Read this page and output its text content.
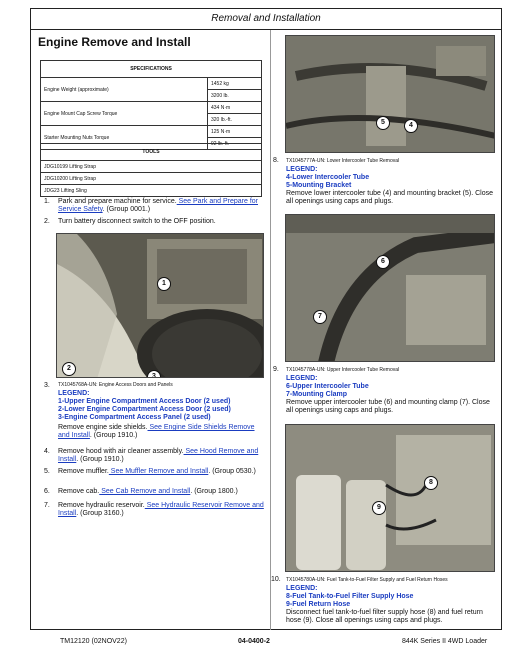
Removal and Installation
Engine Remove and Install
SPECIFICATIONS	
Engine Weight (approximate)	1452 kg
	3200 lb.
Engine Mount Cap Screw Torque	434 N·m
	320 lb.-ft.
Starter Mounting Nuts Torque	125 N·m
	92 lb.-ft.
TOOLS
JDG10199 Lifting Strap
JDG10200 Lifting Strap
JDG23 Lifting Sling
1. Park and prepare machine for service. See Park and Prepare for Service Safety. (Group 0001.)
2. Turn battery disconnect switch to the OFF position.
1
2
3
3. TX1045768A-UN: Engine Access Doors and Panels
LEGEND:
1-Upper Engine Compartment Access Door (2 used)
2-Lower Engine Compartment Access Door (2 used)
3-Engine Compartment Access Panel (2 used)
Remove engine side shields. See Engine Side Shields Remove and Install. (Group 1910.)
4. Remove hood with air cleaner assembly. See Hood Remove and Install. (Group 1910.)
5. Remove muffler. See Muffler Remove and Install. (Group 0530.)
6. Remove cab. See Cab Remove and Install. (Group 1800.)
7. Remove hydraulic reservoir. See Hydraulic Reservoir Remove and Install. (Group 3160.)
5	4
8. TX1045777A-UN: Lower Intercooler Tube Removal
LEGEND:
4-Lower Intercooler Tube
5-Mounting Bracket
Remove lower intercooler tube (4) and mounting bracket (5). Close all openings using caps and plugs.
6
7
9. TX1045778A-UN: Upper Intercooler Tube Removal
LEGEND:
6-Upper Intercooler Tube
7-Mounting Clamp
Remove upper intercooler tube (6) and mounting clamp (7). Close all openings using caps and plugs.
8
9
10. TX1045780A-UN: Fuel Tank-to-Fuel Filter Supply and Fuel Return Hoses
LEGEND:
8-Fuel Tank-to-Fuel Filter Supply Hose
9-Fuel Return Hose
Disconnect fuel tank-to-fuel filter supply hose (8) and fuel return hose (9). Close all openings using caps and plugs.
TM12120 (02NOV22)	04-0400-2	844K Series II 4WD Loader
